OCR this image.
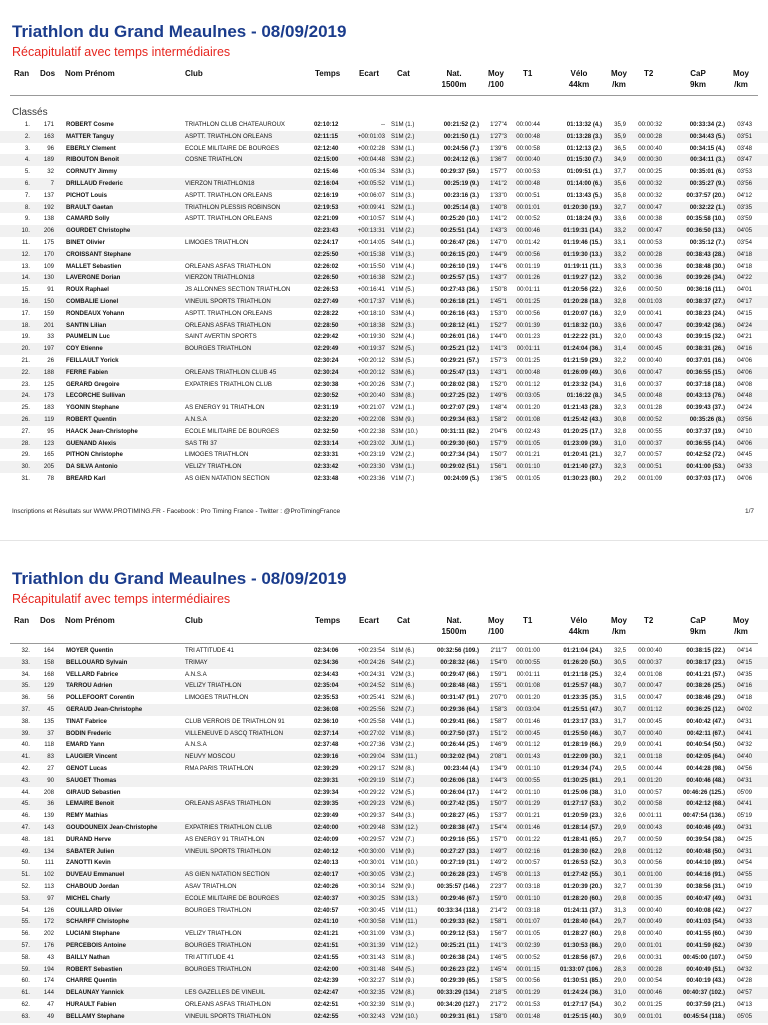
Triathlon du Grand Meaulnes - 08/09/2019
Récapitulatif avec temps intermédiaires
Ran Dos Nom Prénom	Club	Temps Ecart Cat	Nat.
1500m
Moy
/100
T1	Vélo
44km
Moy
/km
T2	CaP
9km
Moy
/km
Classés
1.	171 ROBERT Cosme	TRIATHLON CLUB CHATEAUROUX	02:10:12	-- S1M (1.)	00:21:52 (2.)	1'27"4	00:00:44	01:13:32 (4.)	35,9	00:00:32	00:33:34 (2.)	03'43
2.	163 MATTER Tanguy	ASPTT. TRIATHLON ORLEANS	02:11:15	+00:01:03 S1M (2.)	00:21:50 (1.)	1'27"3	00:00:48	01:13:28 (3.)	35,9	00:00:28	00:34:43 (5.)	03'51
3.	96 EBERLY Clement	ECOLE MILITAIRE DE BOURGES	02:12:40	+00:02:28 S3M (1.)	00:24:56 (7.)	1'39"6	00:00:58	01:12:13 (2.)	36,5	00:00:40	00:34:15 (4.)	03'48
4.	189 RIBOUTON Benoit	COSNE TRIATHLON	02:15:00	+00:04:48 S3M (2.)	00:24:12 (6.)	1'36"7	00:00:40	01:15:30 (7.)	34,9	00:00:30	00:34:11 (3.)	03'47
5.	32 CORNUTY Jimmy	02:15:46	+00:05:34 S3M (3.)	00:29:37 (59.)	1'57"7	00:00:53	01:09:51 (1.)	37,7	00:00:25	00:35:01 (6.)	03'53
6.	7 DRILLAUD Frederic	VIERZON TRIATHLON18	02:16:04	+00:05:52 V1M (1.)	00:25:19 (9.)	1'41"2	00:00:48	01:14:00 (6.)	35,6	00:00:32	00:35:27 (9.)	03'56
7.	137 PICHOT Louis	ASPTT. TRIATHLON ORLEANS	02:16:19	+00:06:07 S1M (3.)	00:23:16 (3.)	1'33"0	00:00:51	01:13:43 (5.)	35,8	00:00:32	00:37:57 (20.)	04'12
8.	192 BRAULT Gaetan	TRIATHLON PLESSIS ROBINSON	02:19:53	+00:09:41 S2M (1.)	00:25:14 (8.)	1'40"8	00:01:01	01:20:30 (19.)	32,7	00:00:47	00:32:22 (1.)	03'35
9.	138 CAMARD Solly	ASPTT. TRIATHLON ORLEANS	02:21:09	+00:10:57 S1M (4.)	00:25:20 (10.)	1'41"2	00:00:52	01:18:24 (9.)	33,6	00:00:38	00:35:58 (10.)	03'59
10.	206 GOURDET Christophe	02:23:43	+00:13:31 V1M (2.)	00:25:51 (14.)	1'43"3	00:00:46	01:19:31 (14.)	33,2	00:00:47	00:36:50 (13.)	04'05
11.	175 BINET Olivier	LIMOGES TRIATHLON	02:24:17	+00:14:05 S4M (1.)	00:26:47 (26.)	1'47"0	00:01:42	01:19:46 (15.)	33,1	00:00:53	00:35:12 (7.)	03'54
12.	170 CROISSANT Stephane	02:25:50	+00:15:38 V1M (3.)	00:26:15 (20.)	1'44"9	00:00:56	01:19:30 (13.)	33,2	00:00:28	00:38:43 (28.)	04'18
13.	109 MALLET Sebastien	ORLEANS ASFAS TRIATHLON	02:26:02	+00:15:50 V1M (4.)	00:26:10 (19.)	1'44"6	00:01:19	01:19:11 (11.)	33,3	00:00:36	00:38:48 (30.)	04'18
14.	130 LAVERGNE Dorian	VIERZON TRIATHLON18	02:26:50	+00:16:38 S2M (2.)	00:25:57 (15.)	1'43"7	00:01:26	01:19:27 (12.)	33,2	00:00:36	00:39:26 (34.)	04'22
15.	91 ROUX Raphael	JS ALLONNES SECTION TRIATHLON	02:26:53	+00:16:41 V1M (5.)	00:27:43 (36.)	1'50"8	00:01:11	01:20:56 (22.)	32,6	00:00:50	00:36:16 (11.)	04'01
16.	150 COMBALIE Lionel	VINEUIL SPORTS TRIATHLON	02:27:49	+00:17:37 V1M (6.)	00:26:18 (21.)	1'45"1	00:01:25	01:20:28 (18.)	32,8	00:01:03	00:38:37 (27.)	04'17
17.	159 RONDEAUX Yohann	ASPTT. TRIATHLON ORLEANS	02:28:22	+00:18:10 S3M (4.)	00:26:16 (43.)	1'53"0	00:00:56	01:20:07 (16.)	32,9	00:00:41	00:38:23 (24.)	04'15
18.	201 SANTIN Lilian	ORLEANS ASFAS TRIATHLON	02:28:50	+00:18:38 S2M (3.)	00:28:12 (41.)	1'52"7	00:01:39	01:18:32 (10.)	33,6	00:00:47	00:39:42 (36.)	04'24
19.	33 PAUMELIN Luc	SAINT AVERTIN SPORTS	02:29:42	+00:19:30 S2M (4.)	00:26:01 (16.)	1'44"0	00:01:23	01:22:22 (31.)	32,0	00:00:43	00:39:15 (32.)	04'21
20.	197 COY Etienne	BOURGES TRIATHLON	02:29:49	+00:19:37 S2M (5.)	00:25:21 (12.)	1'41"3	00:01:11	01:24:04 (36.)	31,4	00:00:45	00:38:31 (26.)	04'16
21.	26 FEILLAULT Yorick	02:30:24	+00:20:12 S3M (5.)	00:29:21 (57.)	1'57"3	00:01:25	01:21:59 (29.)	32,2	00:00:40	00:37:01 (16.)	04'06
22.	188 FERRE Fabien	ORLEANS TRIATHLON CLUB 45	02:30:24	+00:20:12 S3M (6.)	00:25:47 (13.)	1'43"1	00:00:48	01:26:09 (49.)	30,6	00:00:47	00:36:55 (15.)	04'06
23.	125 GERARD Gregoire	EXPATRIES TRIATHLON CLUB	02:30:38	+00:20:26 S3M (7.)	00:28:02 (38.)	1'52"0	00:01:12	01:23:32 (34.)	31,6	00:00:37	00:37:18 (18.)	04'08
24.	173 LECORCHE Sullivan	02:30:52	+00:20:40 S3M (8.)	00:27:25 (32.)	1'49"6	00:03:05	01:16:22 (8.)	34,5	00:00:48	00:43:13 (76.)	04'48
25.	183 YGONIN Stephane	AS ENERGY 91 TRIATHLON	02:31:19	+00:21:07 V2M (1.)	00:27:07 (29.)	1'48"4	00:01:20	01:21:43 (28.)	32,3	00:01:28	00:39:43 (37.)	04'24
26.	119 ROBERT Quentin	A.N.S.A	02:32:20	+00:22:08 S3M (9.)	00:29:34 (63.)	1'58"2	00:01:08	01:25:42 (43.)	30,8	00:00:52	00:35:26 (8.)	03'56
27.	95 HAACK Jean-Christophe	ECOLE MILITAIRE DE BOURGES	02:32:50	+00:22:38 S3M (10.)	00:31:11 (82.)	2'04"6	00:02:43	01:20:25 (17.)	32,8	00:00:55	00:37:37 (19.)	04'10
28.	123 GUENAND Alexis	SAS TRI 37	02:33:14	+00:23:02 JUM (1.)	00:29:30 (60.)	1'57"9	00:01:05	01:23:09 (39.)	31,0	00:00:37	00:36:55 (14.)	04'06
29.	165 PITHON Christophe	LIMOGES TRIATHLON	02:33:31	+00:23:19 V2M (2.)	00:27:34 (34.)	1'50"7	00:01:21	01:20:41 (21.)	32,7	00:00:57	00:42:52 (72.)	04'45
30.	205 DA SILVA Antonio	VELIZY TRIATHLON	02:33:42	+00:23:30 V3M (1.)	00:29:02 (51.)	1'56"1	00:01:10	01:21:40 (27.)	32,3	00:00:51	00:41:00 (53.)	04'33
31.	78 BREARD Karl	AS GIEN NATATION SECTION	02:33:48	+00:23:36 V1M (7.)	00:24:09 (5.)	1'36"5	00:01:05	01:30:23 (80.)	29,2	00:01:09	00:37:03 (17.)	04'06
Inscriptions et Résultats sur WWW.PROTIMING.FR - Facebook : Pro Timing France - Twitter : @ProTimingFrance	1/7
Triathlon du Grand Meaulnes - 08/09/2019
Récapitulatif avec temps intermédiaires
Ran Dos Nom Prénom	Club	Temps Ecart Cat	Nat.
1500m
Moy
/100
T1	Vélo
44km
Moy
/km
T2	CaP
9km
Moy
/km
32.	164 MOYER Quentin	TRI ATTITUDE 41	02:34:06	+00:23:54 S1M (6.)	00:32:56 (109.)	2'11"7	00:01:00	01:21:04 (24.)	32,5	00:00:40	00:38:15 (22.)	04'14
33.	158 BELLOUARD Sylvain	TRIMAY	02:34:36	+00:24:26 S4M (2.)	00:28:32 (46.)	1'54"0	00:00:55	01:26:20 (50.)	30,5	00:00:37	00:38:17 (23.)	04'15
34.	168 VELLARD Fabrice	A.N.S.A	02:34:43	+00:24:31 V2M (3.)	00:29:47 (66.)	1'59"1	00:01:11	01:21:18 (25.)	32,4	00:01:08	00:41:21 (57.)	04'35
35.	129 TARROU Adrien	VELIZY TRIATHLON	02:35:04	+00:24:52 S1M (6.)	00:28:48 (48.)	1'55"1	00:01:08	01:25:57 (48.)	30,7	00:00:47	00:38:26 (25.)	04'16
36.	56 POLLEFOORT Corentin	LIMOGES TRIATHLON	02:35:53	+00:25:41 S2M (6.)	00:31:47 (91.)	2'07"0	00:01:20	01:23:35 (35.)	31,5	00:00:47	00:38:46 (29.)	04'18
37.	45 GERAUD Jean-Christophe	02:36:08	+00:25:56 S2M (7.)	00:29:36 (64.)	1'58"3	00:03:04	01:25:51 (47.)	30,7	00:01:12	00:36:25 (12.)	04'02
38.	135 TINAT Fabrice	CLUB VERROIS DE TRIATHLON 91	02:36:10	+00:25:58 V4M (1.)	00:29:41 (66.)	1'58"7	00:01:46	01:23:17 (33.)	31,7	00:00:45	00:40:42 (47.)	04'31
39.	37 BODIN Frederic	VILLENEUVE D ASCQ TRIATHLON	02:37:14	+00:27:02 V1M (8.)	00:27:50 (37.)	1'51"2	00:00:45	01:25:50 (46.)	30,7	00:00:40	00:42:11 (67.)	04'41
40.	118 EMARD Yann	A.N.S.A	02:37:48	+00:27:36 V3M (2.)	00:26:44 (25.)	1'46"9	00:01:12	01:28:19 (66.)	29,9	00:00:41	00:40:54 (50.)	04'32
41.	83 LAUGIER Vincent	NEUVY MOSCOU	02:39:16	+00:29:04 S3M (11.)	00:32:02 (94.)	2'08"1	00:01:43	01:22:09 (30.)	32,1	00:01:18	00:42:05 (64.)	04'40
42.	27 GENOT Lucas	RMA PARIS TRIATHLON	02:39:29	+00:29:17 S2M (8.)	00:23:44 (4.)	1'34"9	00:01:10	01:29:34 (74.)	29,5	00:00:44	00:44:28 (98.)	04'56
43.	90 SAUGET Thomas	02:39:31	+00:29:19 S1M (7.)	00:26:06 (18.)	1'44"3	00:00:55	01:30:25 (81.)	29,1	00:01:20	00:40:46 (48.)	04'31
44.	208 GIRAUD Sebastien	02:39:34	+00:29:22 V2M (5.)	00:26:04 (17.)	1'44"2	00:01:10	01:25:06 (38.)	31,0	00:00:57	00:46:26 (125.)	05'09
45.	36 LEMAIRE Benoit	ORLEANS ASFAS TRIATHLON	02:39:35	+00:29:23 V2M (6.)	00:27:42 (35.)	1'50"7	00:01:29	01:27:17 (53.)	30,2	00:00:58	00:42:12 (68.)	04'41
46.	139 REMY Mathias	02:39:49	+00:29:37 S4M (3.)	00:28:27 (45.)	1'53"7	00:01:21	01:20:59 (23.)	32,6	00:01:11	00:47:54 (136.)	05'19
47.	143 GOUDOUNEIX Jean-Christophe	EXPATRIES TRIATHLON CLUB	02:40:00	+00:29:48 S3M (12.)	00:28:38 (47.)	1'54"4	00:01:46	01:28:14 (57.)	29,9	00:00:43	00:40:46 (49.)	04'31
48.	181 DURAND Herve	AS ENERGY 91 TRIATHLON	02:40:09	+00:29:57 V2M (7.)	00:29:16 (55.)	1'57"0	00:01:22	01:28:41 (65.)	29,7	00:00:59	00:39:54 (38.)	04'25
49.	134 SABATER Julien	VINEUIL SPORTS TRIATHLON	02:40:12	+00:30:00 V1M (9.)	00:27:27 (33.)	1'49"7	00:02:16	01:28:30 (62.)	29,8	00:01:12	00:40:48 (50.)	04'31
50.	111 ZANOTTI Kevin	02:40:13	+00:30:01 V1M (10.)	00:27:19 (31.)	1'49"2	00:00:57	01:26:53 (52.)	30,3	00:00:56	00:44:10 (89.)	04'54
51.	102 DUVEAU Emmanuel	AS GIEN NATATION SECTION	02:40:17	+00:30:05 V3M (2.)	00:26:28 (23.)	1'45"8	00:01:13	01:27:42 (55.)	30,1	00:01:00	00:44:16 (91.)	04'55
52.	113 CHABOUD Jordan	ASAV TRIATHLON	02:40:26	+00:30:14 S2M (9.)	00:35:57 (146.)	2'23"7	00:03:18	01:20:39 (20.)	32,7	00:01:39	00:38:56 (31.)	04'19
53.	97 MICHEL Charly	ECOLE MILITAIRE DE BOURGES	02:40:37	+00:30:25 S3M (13.)	00:29:46 (67.)	1'59"0	00:01:10	01:28:20 (60.)	29,8	00:00:35	00:40:47 (49.)	04'31
54.	126 COUILLARD Olivier	BOURGES TRIATHLON	02:40:57	+00:30:45 V1M (11.)	00:33:34 (118.)	2'14"2	00:03:18	01:24:11 (37.)	31,3	00:00:40	00:40:08 (42.)	04'27
55.	172 SCHARFF Christophe	02:41:10	+00:30:58 V1M (11.)	00:29:33 (62.)	1'58"1	00:01:07	01:28:40 (64.)	29,7	00:00:49	00:41:03 (54.)	04'33
56.	202 LUCIANI Stephane	VELIZY TRIATHLON	02:41:21	+00:31:09 V3M (3.)	00:29:12 (53.)	1'56"7	00:01:05	01:28:27 (60.)	29,8	00:00:40	00:41:55 (60.)	04'39
57.	176 PERCEBOIS Antoine	BOURGES TRIATHLON	02:41:51	+00:31:39 V1M (12.)	00:25:21 (11.)	1'41"3	00:02:39	01:30:53 (86.)	29,0	00:01:01	00:41:59 (62.)	04'39
58.	43 BAILLY Nathan	TRI ATTITUDE 41	02:41:55	+00:31:43 S1M (8.)	00:26:38 (24.)	1'46"5	00:00:52	01:28:56 (67.)	29,6	00:00:31	00:45:00 (107.)	04'59
59.	194 ROBERT Sebastien	BOURGES TRIATHLON	02:42:00	+00:31:48 S4M (5.)	00:26:23 (22.)	1'45"4	00:01:15	01:33:07 (106.)	28,3	00:00:28	00:40:49 (51.)	04'32
60.	174 CHARRE Quentin	02:42:39	+00:32:27 S1M (9.)	00:29:39 (65.)	1'58"5	00:00:56	01:30:51 (85.)	29,0	00:00:54	00:40:19 (43.)	04'28
61.	144 DELAUNAY Yannick	LES GAZELLES DE VINEUIL	02:42:47	+00:32:35 V2M (8.)	00:33:29 (134.)	2'18"5	00:01:29	01:24:24 (36.)	31,0	00:00:46	00:40:37 (102.)	04'57
62.	47 HURAULT Fabien	ORLEANS ASFAS TRIATHLON	02:42:51	+00:32:39 S1M (9.)	00:34:20 (127.)	2'17"2	00:01:53	01:27:17 (54.)	30,2	00:01:25	00:37:59 (21.)	04'13
63.	49 BELLAMY Stephane	VINEUIL SPORTS TRIATHLON	02:42:55	+00:32:43 V2M (10.)	00:29:31 (61.)	1'58"0	00:01:48	01:25:15 (40.)	30,9	00:01:01	00:45:54 (118.)	05'05
